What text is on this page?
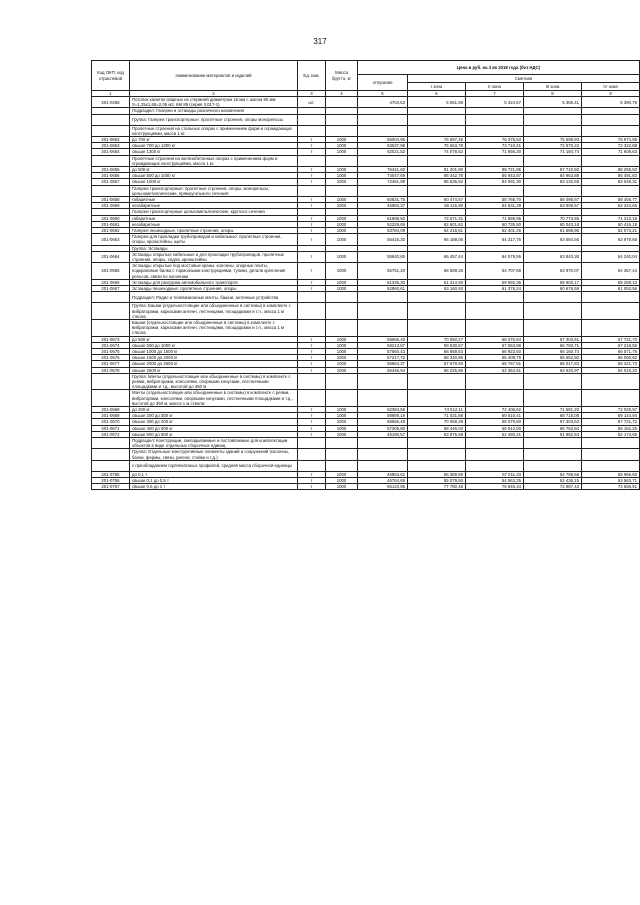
317
Код ОКП, код отраслевой	Наименование материалов и изделий	Ед. изм.	Масса брутто, кг	Цена в руб. на 3 кв 2018 года (без НДС)				
				отпускная	Сметная			
					I зона	II зона	III зона	IV зона
1	2	3	4	5	6	7	8	9
201-0258	Потолок калиток сварных из стержней диаметром 18 мм с шагом 80 мм S=1,25х1,65=2,06 м2, КМ 85 (серия 3.017-1)	шт.		4704,63	5 551,69	5 424,67	5 365,41	5 390,79
	Подраздел: Галереи и эстакады различного назначения							
	Группа: Галереи транспортерные: пролетные строения, опоры монорельсы							
	Пролетные строения на стальных опорах с применением форм и ограждающих конструкциями, масса 1 м:							
201-0652	до 700 кг	т	1000	65004,96	76 597,45	76 375,53	75 595,93	75 974,89
201-0653	свыше 700 до 1300 кг	т	1000	63537,98	75 653,78	73 710,41	72 870,22	73 322,88
201-0654	свыше 1300 кг	т	1000	62021,52	74 078,52	71 956,30	71 184,74	71 608,63
	Пролетные строения на железобетонных опорах с применением форм и ограждающих конструкциями, масса 1 м:							
201-0655	до 500 кг	т	1000	76441,60	91 201,90	89 721,95	87 710,50	88 255,50
201-0656	свыше 500 до 1000 кг	т	1000	74047,69	88 442,78	85 943,87	84 963,88	85 491,83
201-0657	свыше 1000 кг	т	1000	72451,98	86 536,62	84 091,30	83 132,65	83 649,31
	Галереи транспортерные: пролетные строения, опоры, монорельсы, цельнометаллические, прямоугольного сечения:							
201-0658	габаритные	т	1000	50631,76	60 474,57	58 765,70	58 095,67	58 456,77
201-0659	негабаритные	т	1000	46983,37	56 116,90	54 531,29	53 909,57	54 244,66
	Галереи транспортерные цельнометаллические, круглого сечения							
201-0660	габаритные	т	1000	61698,50	73 671,31	71 589,95	70 773,65	71 213,19
201-0661	негабаритные	т	1000	52329,69	62 501,62	60 735,50	60 043,18	60 416,18
201-0662	Галерея пешеходные, пролетные строения, опоры	т	1000	53784,09	64 215,61	62 401,25	61 689,96	62 073,21
201-0663	Галереи для прокладки трубопроводов и кабельные: пролетные строения, опоры, кронштейны, щиты	т	1000	55415,30	66 188,05	64 317,76	63 584,56	63 979,68
	Группа: Эстакады							
201-0664	Эстакады открытые кабельные и для прокладки трубопроводов, пролетные строения, опоры, седла, кронштейны	т	1000	55640,65	66 457,44	64 579,56	63 843,38	64 240,04
201-0665	Эстакады открытые под мостовые краны: колонны, опорные плиты, подкрановые балки с тормозными конструкциями, тупики, детали крепления рельсов, связи по колоннам	т	1000	55751,20	66 589,25	64 707,68	63 970,07	64 367,44
201-0666	Эстакады для разгрузки автомобильного транспорта	т	1000	51335,30	61 314,93	59 582,36	58 903,17	59 269,13
201-0667	Эстакады пешеходные: пролетные строения, опоры	т	1000	52860,61	63 160,93	61 376,24	60 676,59	61 053,56
	Подраздел: Радио и телевизионные мачты, башни, антенные устройства							
	Группа: Башни (отдельностоящие или объединенные в системы) в комплекте с вибраторами, каркасами антенн, лестницами, площадками и т.п., масса 1 м ствола:							
	Башни (отдельностоящие или объединенные в системы) в комплекте с вибраторами, каркасами антенн, лестницами, площадками и т.п., масса 1 м ствола:							
201-0673	до 500 кг	т	1000	58656,48	70 050,27	68 076,84	67 303,61	67 721,70
201-0674	свыше 500 до 1000 кг	т	1000	58213,87	69 530,57	67 563,88	66 793,71	67 218,55
201-0675	свыше 1000 до 1500 кг	т	1000	57660,43	68 869,63	66 923,50	66 160,74	66 571,76
201-0676	свыше 1500 до 2000 кг	т	1000	57217,72	68 340,86	66 409,75	65 652,80	66 060,62
201-0677	свыше 2000 до 2500 кг	т	1000	56664,37	67 679,93	65 767,51	65 017,83	65 421,73
201-0678	свыше 2500 кг	т	1000	55446,94	66 225,85	64 354,51	63 620,97	64 016,20
	Группа: Мачты (отдельностоящие или объединенные в системы) в комплекте с реями, вибраторами, консолями, опорными конусами, лестничными площадками и т.д., высотой до 350 м							
	Мачты (отдельностоящие или объединенные в системы) в комплекте с реями, вибраторами, консолями, опорными конусами, лестничными площадками и т.д., высотой до 350 м, масса 1 м ствола:							
201-0668	до 200 кг	т	1000	62384,56	74 512,11	72 406,62	71 581,20	72 025,97
201-0669	свыше 200 до 300 кг	т	1000	59889,19	71 531,68	69 510,41	68 718,08	69 144,94
201-0670	свыше 300 до 400 кг	т	1000	58656,48	70 059,29	68 079,60	67 303,62	67 721,72
201-0671	свыше 400 до 600 кг	т	1000	57305,80	68 446,03	66 512,00	65 753,84	66 162,25
201-0672	свыше 600 до 800 кг	т	1000	45190,57	53 975,59	52 450,41	51 852,54	52 174,65
	Подраздел: Конструкции, закладываемые и поставляемые для комплектации объектов в виде отдельных сборочных единиц							
	Группа: Отдельные конструктивные элементы зданий и сооружений (колонны, балки, фермы, связи, ригели, стойки и т.д.)							
	с преобладанием горячекатаных профилей, средняя масса сборочной единицы							
201-0755	до 0,1 т	т	1000	46863,62	56 389,59	57 011,33	54 788,66	55 966,60
201-0756	свыше 0,1 до 0,5 т	т	1000	45764,65	55 079,50	54 563,35	52 436,15	53 563,71
201-0757	свыше 0,5 до 1 т	т	1000	65120,96	77 780,45	75 946,34	72 987,43	74 556,91
